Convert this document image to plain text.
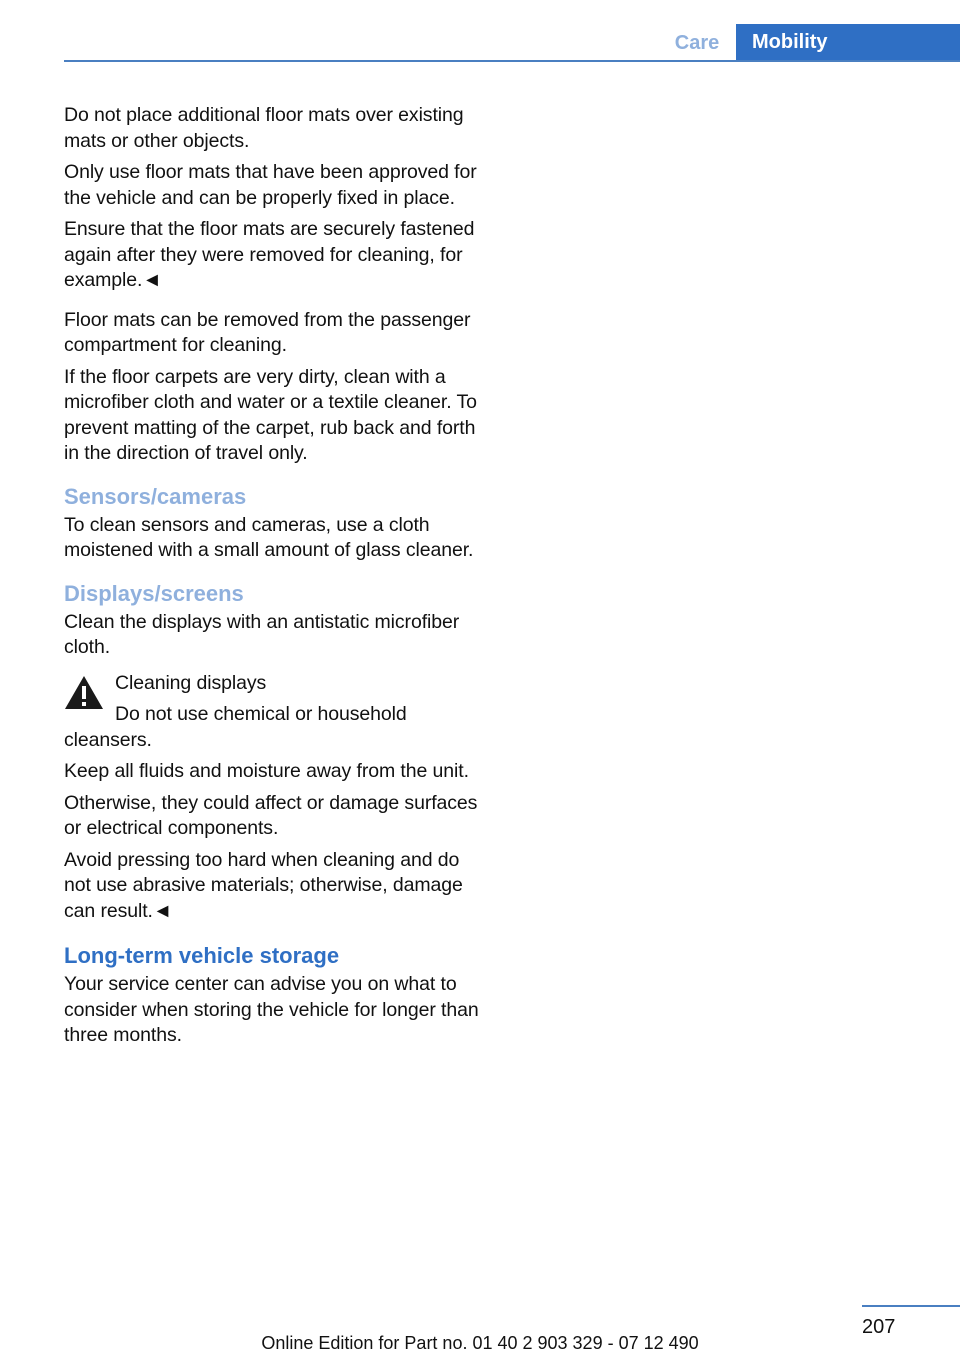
Care	Mobility

Do not place additional floor mats over existing mats or other objects.

Only use floor mats that have been approved for the vehicle and can be properly fixed in place.

Ensure that the floor mats are securely fastened again after they were removed for cleaning, for example.◄

Floor mats can be removed from the passenger compartment for cleaning.

If the floor carpets are very dirty, clean with a microfiber cloth and water or a textile cleaner. To prevent matting of the carpet, rub back and forth in the direction of travel only.

Sensors/cameras

To clean sensors and cameras, use a cloth moistened with a small amount of glass cleaner.

Displays/screens

Clean the displays with an antistatic microfiber cloth.

Cleaning displays

Do not use chemical or household cleansers.

Keep all fluids and moisture away from the unit.

Otherwise, they could affect or damage surfaces or electrical components.

Avoid pressing too hard when cleaning and do not use abrasive materials; otherwise, damage can result.◄

Long-term vehicle storage

Your service center can advise you on what to consider when storing the vehicle for longer than three months.

207
Online Edition for Part no. 01 40 2 903 329 - 07 12 490
